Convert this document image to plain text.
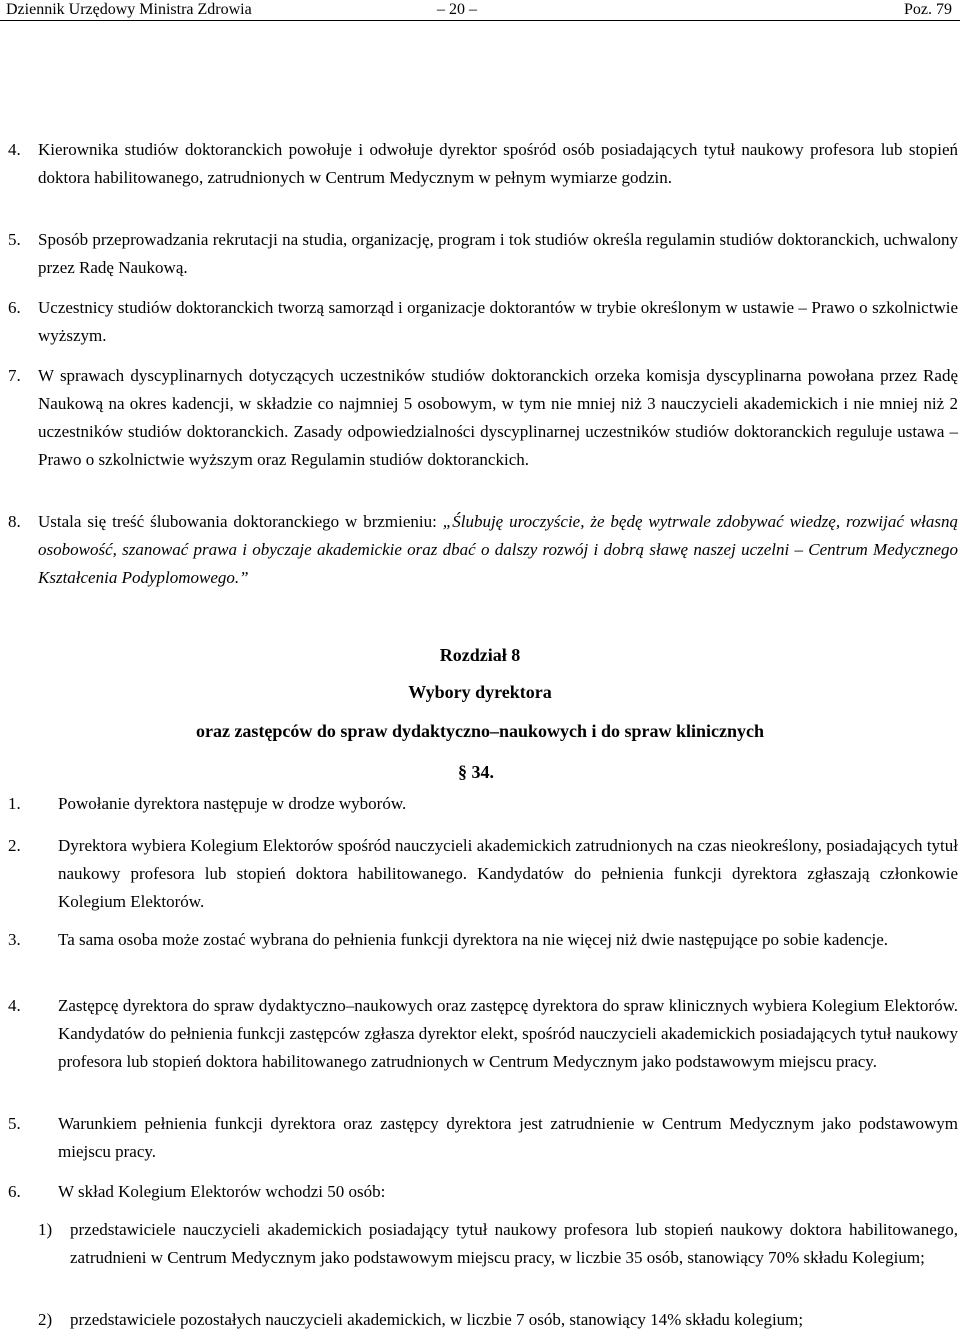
Dziennik Urzędowy Ministra Zdrowia	– 20 –	Poz. 79
4.	Kierownika studiów doktoranckich powołuje i odwołuje dyrektor spośród osób posiadających tytuł naukowy profesora lub stopień doktora habilitowanego, zatrudnionych w Centrum Medycznym w pełnym wymiarze godzin.
5.	Sposób przeprowadzania rekrutacji na studia, organizację, program i tok studiów określa regulamin studiów doktoranckich, uchwalony przez Radę Naukową.
6.	Uczestnicy studiów doktoranckich tworzą samorząd i organizacje doktorantów w trybie określonym w ustawie – Prawo o szkolnictwie wyższym.
7.	W sprawach dyscyplinarnych dotyczących uczestników studiów doktoranckich orzeka komisja dyscyplinarna powołana przez Radę Naukową na okres kadencji, w składzie co najmniej 5 osobowym, w tym nie mniej niż 3 nauczycieli akademickich i nie mniej niż 2 uczestników studiów doktoranckich. Zasady odpowiedzialności dyscyplinarnej uczestników studiów doktoranckich reguluje ustawa – Prawo o szkolnictwie wyższym oraz Regulamin studiów doktoranckich.
8.	Ustala się treść ślubowania doktoranckiego w brzmieniu: „Ślubuję uroczyście, że będę wytrwale zdobywać wiedzę, rozwijać własną osobowość, szanować prawa i obyczaje akademickie oraz dbać o dalszy rozwój i dobrą sławę naszej uczelni – Centrum Medycznego Kształcenia Podyplomowego.”
Rozdział 8
Wybory dyrektora
oraz zastępców do spraw dydaktyczno–naukowych i do spraw klinicznych
§ 34.
1.	Powołanie dyrektora następuje w drodze wyborów.
2.	Dyrektora wybiera Kolegium Elektorów spośród nauczycieli akademickich zatrudnionych na czas nieokreślony, posiadających tytuł naukowy profesora lub stopień doktora habilitowanego. Kandydatów do pełnienia funkcji dyrektora zgłaszają członkowie Kolegium Elektorów.
3.	Ta sama osoba może zostać wybrana do pełnienia funkcji dyrektora na nie więcej niż dwie następujące po sobie kadencje.
4.	Zastępcę dyrektora do spraw dydaktyczno–naukowych oraz zastępcę dyrektora do spraw klinicznych wybiera Kolegium Elektorów. Kandydatów do pełnienia funkcji zastępców zgłasza dyrektor elekt, spośród nauczycieli akademickich posiadających tytuł naukowy profesora lub stopień doktora habilitowanego zatrudnionych w Centrum Medycznym jako podstawowym miejscu pracy.
5.	Warunkiem pełnienia funkcji dyrektora oraz zastępcy dyrektora jest zatrudnienie w Centrum Medycznym jako podstawowym miejscu pracy.
6.	W skład Kolegium Elektorów wchodzi 50 osób:
1)	przedstawiciele nauczycieli akademickich posiadający tytuł naukowy profesora lub stopień naukowy doktora habilitowanego, zatrudnieni w Centrum Medycznym jako podstawowym miejscu pracy, w liczbie 35 osób, stanowiący 70% składu Kolegium;
2)	przedstawiciele pozostałych nauczycieli akademickich, w liczbie 7 osób, stanowiący 14% składu kolegium;
